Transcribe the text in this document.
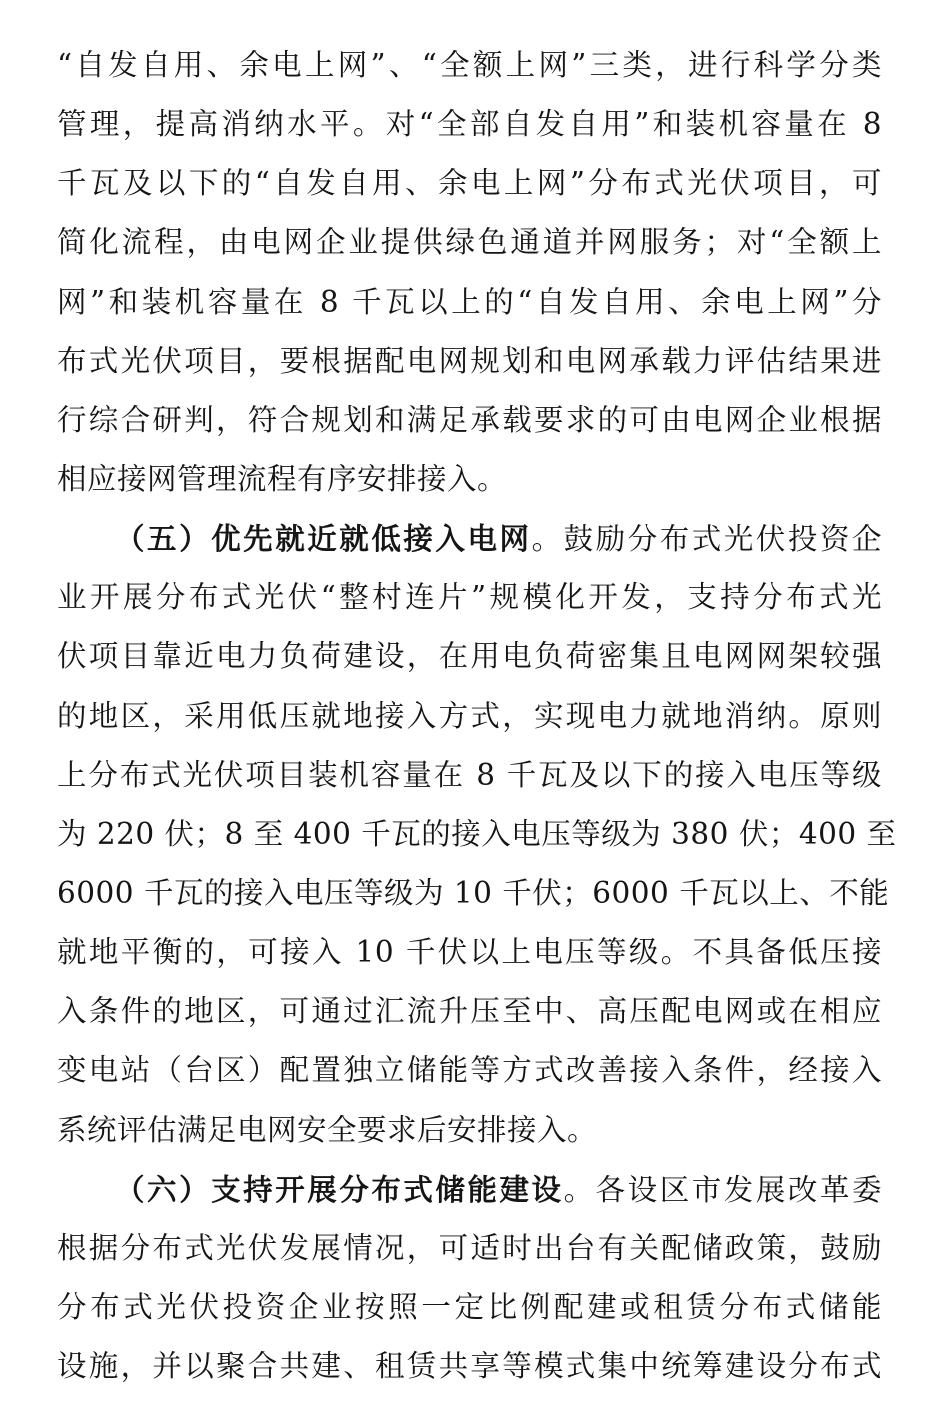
“自发自用、余电上网”、“全额上网”三类，进行科学分类
管理，提高消纳水平。对“全部自发自用”和装机容量在 8
千瓦及以下的“自发自用、余电上网”分布式光伏项目，可
简化流程，由电网企业提供绿色通道并网服务；对“全额上
网”和装机容量在 8 千瓦以上的“自发自用、余电上网”分
布式光伏项目，要根据配电网规划和电网承载力评估结果进
行综合研判，符合规划和满足承载要求的可由电网企业根据
相应接网管理流程有序安排接入。
（五）优先就近就低接入电网。鼓励分布式光伏投资企
业开展分布式光伏“整村连片”规模化开发，支持分布式光
伏项目靠近电力负荷建设，在用电负荷密集且电网网架较强
的地区，采用低压就地接入方式，实现电力就地消纳。原则
上分布式光伏项目装机容量在 8 千瓦及以下的接入电压等级
为 220 伏；8 至 400 千瓦的接入电压等级为 380 伏；400 至
6000 千瓦的接入电压等级为 10 千伏；6000 千瓦以上、不能
就地平衡的，可接入 10 千伏以上电压等级。不具备低压接
入条件的地区，可通过汇流升压至中、高压配电网或在相应
变电站（台区）配置独立储能等方式改善接入条件，经接入
系统评估满足电网安全要求后安排接入。
（六）支持开展分布式储能建设。各设区市发展改革委
根据分布式光伏发展情况，可适时出台有关配储政策，鼓励
分布式光伏投资企业按照一定比例配建或租赁分布式储能
设施，并以聚合共建、租赁共享等模式集中统筹建设分布式
